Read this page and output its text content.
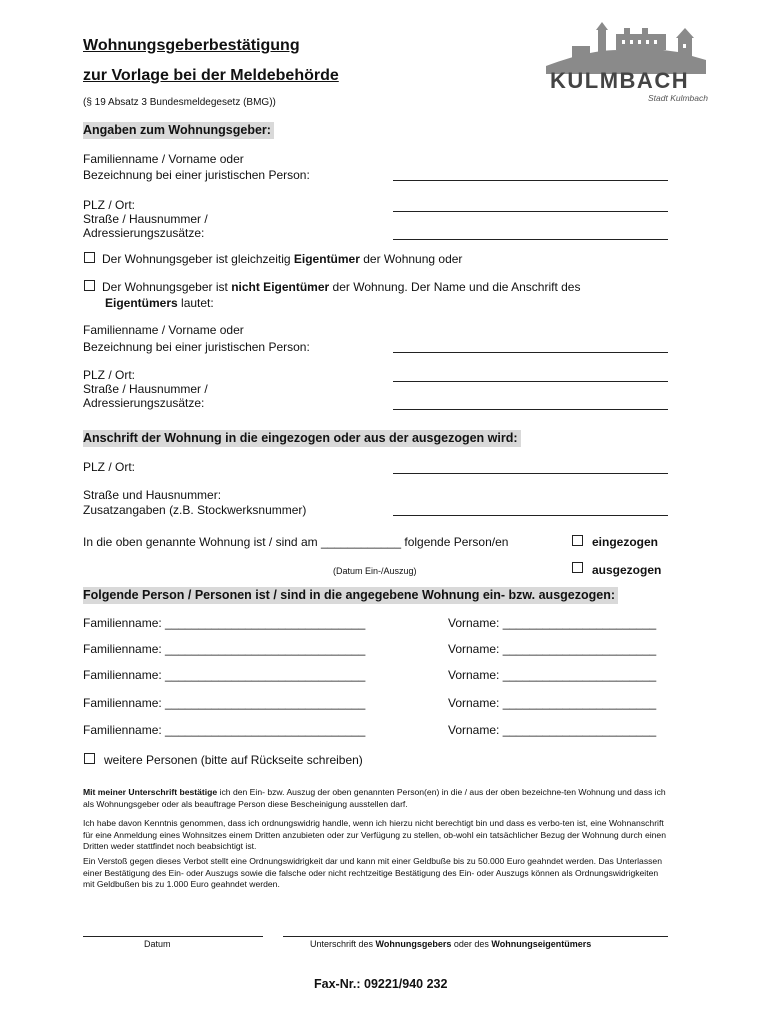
Wohnungsgeberbestätigung
zur Vorlage bei der Meldebehörde
(§ 19 Absatz 3 Bundesmeldegesetz (BMG))
KULMBACH
Stadt Kulmbach
Angaben zum Wohnungsgeber:
Familienname / Vorname oder
Bezeichnung bei einer juristischen Person:
PLZ / Ort:
Straße / Hausnummer /
Adressierungszusätze:
Der Wohnungsgeber ist gleichzeitig Eigentümer der Wohnung oder
Der Wohnungsgeber ist nicht Eigentümer der Wohnung. Der Name und die Anschrift des
Eigentümers lautet:
Familienname / Vorname oder
Bezeichnung bei einer juristischen Person:
PLZ / Ort:
Straße / Hausnummer /
Adressierungszusätze:
Anschrift der Wohnung in die eingezogen oder aus der ausgezogen wird:
PLZ / Ort:
Straße und Hausnummer:
Zusatzangaben (z.B. Stockwerksnummer)
In die oben genannte Wohnung ist / sind am ____________ folgende Person/en	eingezogen
(Datum Ein-/Auszug)	ausgezogen
Folgende Person / Personen ist / sind in die angegebene Wohnung ein- bzw. ausgezogen:
Familienname: ______________________________	Vorname: _______________________
Familienname: ______________________________	Vorname: _______________________
Familienname: ______________________________	Vorname: _______________________
Familienname: ______________________________	Vorname: _______________________
Familienname: ______________________________	Vorname: _______________________
weitere Personen (bitte auf Rückseite schreiben)
Mit meiner Unterschrift bestätige ich den Ein- bzw. Auszug der oben genannten Person(en) in die / aus der oben bezeichne-ten Wohnung und dass ich als Wohnungsgeber oder als beauftrage Person diese Bescheinigung ausstellen darf.
Ich habe davon Kenntnis genommen, dass ich ordnungswidrig handle, wenn ich hierzu nicht berechtigt bin und dass es verbo-ten ist, eine Wohnanschrift für eine Anmeldung eines Wohnsitzes einem Dritten anzubieten oder zur Verfügung zu stellen, ob-wohl ein tatsächlicher Bezug der Wohnung durch einen Dritten weder stattfindet noch beabsichtigt ist.
Ein Verstoß gegen dieses Verbot stellt eine Ordnungswidrigkeit dar und kann mit einer Geldbuße bis zu 50.000 Euro geahndet werden. Das Unterlassen einer Bestätigung des Ein- oder Auszugs sowie die falsche oder nicht rechtzeitige Bestätigung des Ein- oder Auszugs können als Ordnungswidrigkeiten mit Geldbußen bis zu 1.000 Euro geahndet werden.
Datum	Unterschrift des Wohnungsgebers oder des Wohnungseigentümers
Fax-Nr.: 09221/940 232
